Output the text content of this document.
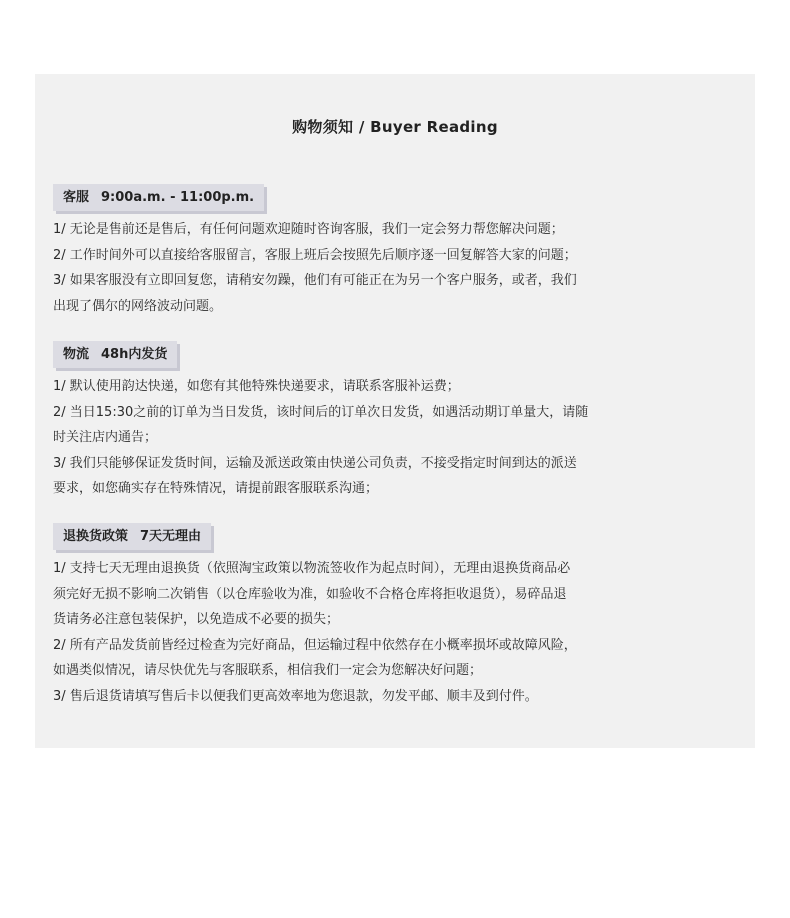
购物须知 / Buyer Reading
客服 9:00a.m. - 11:00p.m.
1/ 无论是售前还是售后，有任何问题欢迎随时咨询客服，我们一定会努力帮您解决问题；
2/ 工作时间外可以直接给客服留言，客服上班后会按照先后顺序逐一回复解答大家的问题；
3/ 如果客服没有立即回复您，请稍安勿躁，他们有可能正在为另一个客户服务，或者，我们
出现了偶尔的网络波动问题。
物流 48h内发货
1/ 默认使用韵达快递，如您有其他特殊快递要求，请联系客服补运费；
2/ 当日15:30之前的订单为当日发货，该时间后的订单次日发货，如遇活动期订单量大，请随
时关注店内通告；
3/ 我们只能够保证发货时间，运输及派送政策由快递公司负责，不接受指定时间到达的派送
要求，如您确实存在特殊情况，请提前跟客服联系沟通；
退换货政策 7天无理由
1/ 支持七天无理由退换货（依照淘宝政策以物流签收作为起点时间），无理由退换货商品必
须完好无损不影响二次销售（以仓库验收为准，如验收不合格仓库将拒收退货），易碎品退
货请务必注意包装保护，以免造成不必要的损失；
2/ 所有产品发货前皆经过检查为完好商品，但运输过程中依然存在小概率损坏或故障风险，
如遇类似情况，请尽快优先与客服联系，相信我们一定会为您解决好问题；
3/ 售后退货请填写售后卡以便我们更高效率地为您退款，勿发平邮、顺丰及到付件。
